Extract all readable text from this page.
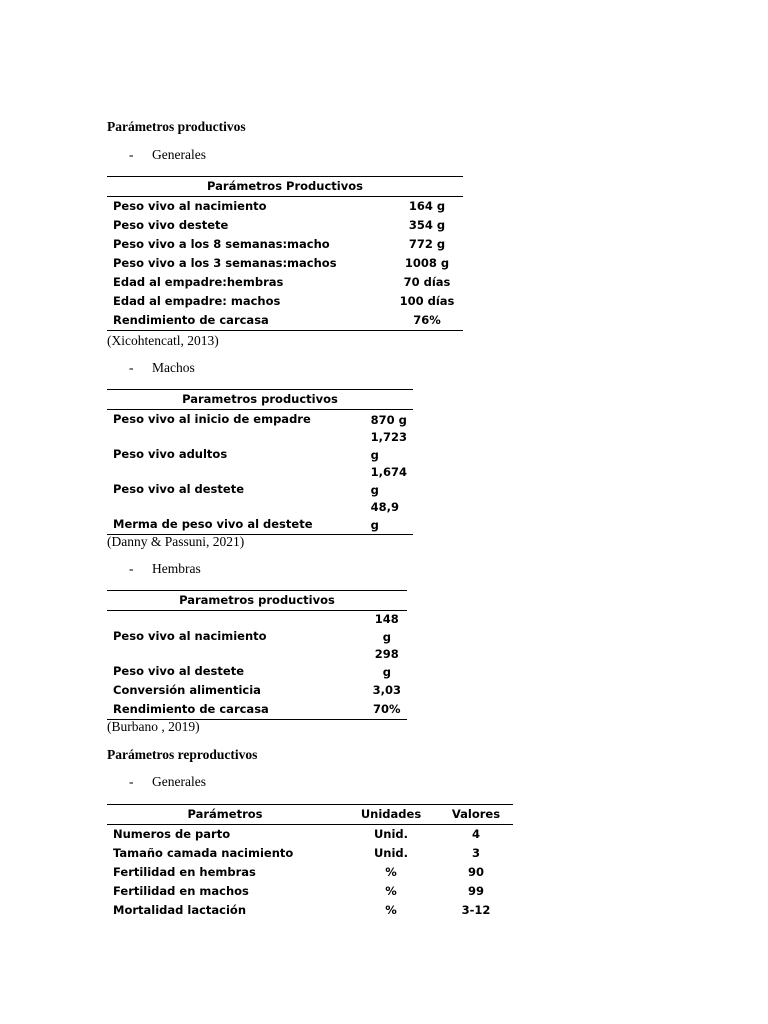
Parámetros productivos
- Generales
Parámetros Productivos	
Peso vivo al nacimiento	164 g
Peso vivo destete	354 g
Peso vivo a los 8 semanas:macho	772 g
Peso vivo a los 3 semanas:machos	1008 g
Edad al empadre:hembras	70 días
Edad al empadre: machos	100 días
Rendimiento de carcasa	76%
(Xicohtencatl, 2013)
- Machos
Parametros productivos	
Peso vivo al inicio de empadre	870 g
Peso vivo adultos	1,723 g
Peso vivo al destete	1,674 g
Merma de peso vivo al destete	48,9 g
(Danny & Passuni, 2021)
- Hembras
Parametros productivos	
Peso vivo al nacimiento	148 g
Peso vivo al destete	298 g
Conversión alimenticia	3,03
Rendimiento de carcasa	70%
(Burbano , 2019)
Parámetros reproductivos
- Generales
Parámetros	Unidades	Valores
Numeros de parto	Unid.	4
Tamaño camada nacimiento	Unid.	3
Fertilidad en hembras	%	90
Fertilidad en machos	%	99
Mortalidad lactación	%	3-12
